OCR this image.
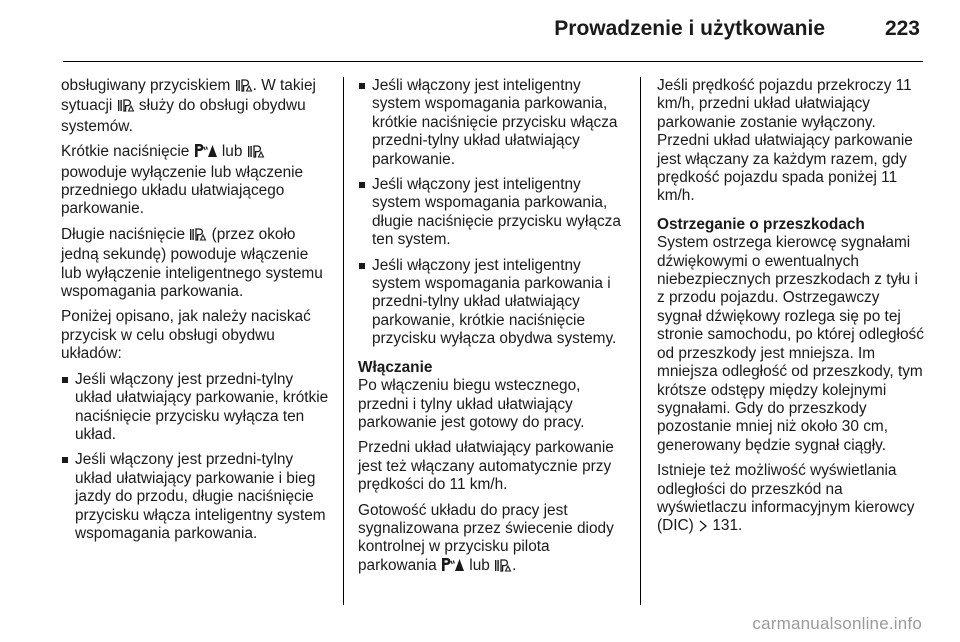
Prowadzenie i użytkowanie	223

obsługiwany przyciskiem . W takiej sytuacji służy do obsługi obydwu systemów.

Krótkie naciśnięcie lub  powoduje wyłączenie lub włączenie przedniego układu ułatwiającego parkowanie.

Długie naciśnięcie (przez około jedną sekundę) powoduje włączenie lub wyłączenie inteligentnego systemu wspomagania parkowania.

Poniżej opisano, jak należy naciskać przycisk w celu obsługi obydwu układów:

Jeśli włączony jest przedni-tylny układ ułatwiający parkowanie, krótkie naciśnięcie przycisku wyłącza ten układ.
Jeśli włączony jest przedni-tylny układ ułatwiający parkowanie i bieg jazdy do przodu, długie naciśnięcie przycisku włącza inteligentny system wspomagania parkowania.
Jeśli włączony jest inteligentny system wspomagania parkowania, krótkie naciśnięcie przycisku włącza przedni-tylny układ ułatwiający parkowanie.
Jeśli włączony jest inteligentny system wspomagania parkowania, długie naciśnięcie przycisku wyłącza ten system.
Jeśli włączony jest inteligentny system wspomagania parkowania i przedni-tylny układ ułatwiający parkowanie, krótkie naciśnięcie przycisku wyłącza obydwa systemy.

Włączanie

Po włączeniu biegu wstecznego, przedni i tylny układ ułatwiający parkowanie jest gotowy do pracy.

Przedni układ ułatwiający parkowanie jest też włączany automatycznie przy prędkości do 11 km/h.

Gotowość układu do pracy jest sygnalizowana przez świecenie diody kontrolnej w przycisku pilota parkowania lub .

Jeśli prędkość pojazdu przekroczy 11 km/h, przedni układ ułatwiający parkowanie zostanie wyłączony. Przedni układ ułatwiający parkowanie jest włączany za każdym razem, gdy prędkość pojazdu spada poniżej 11 km/h.

Ostrzeganie o przeszkodach

System ostrzega kierowcę sygnałami dźwiękowymi o ewentualnych niebezpiecznych przeszkodach z tyłu i z przodu pojazdu. Ostrzegawczy sygnał dźwiękowy rozlega się po tej stronie samochodu, po której odległość od przeszkody jest mniejsza. Im mniejsza odległość od przeszkody, tym krótsze odstępy między kolejnymi sygnałami. Gdy do przeszkody pozostanie mniej niż około 30 cm, generowany będzie sygnał ciągły.

Istnieje też możliwość wyświetlania odległości do przeszkód na wyświetlaczu informacyjnym kierowcy (DIC) 131.

carmanualsonline.info
